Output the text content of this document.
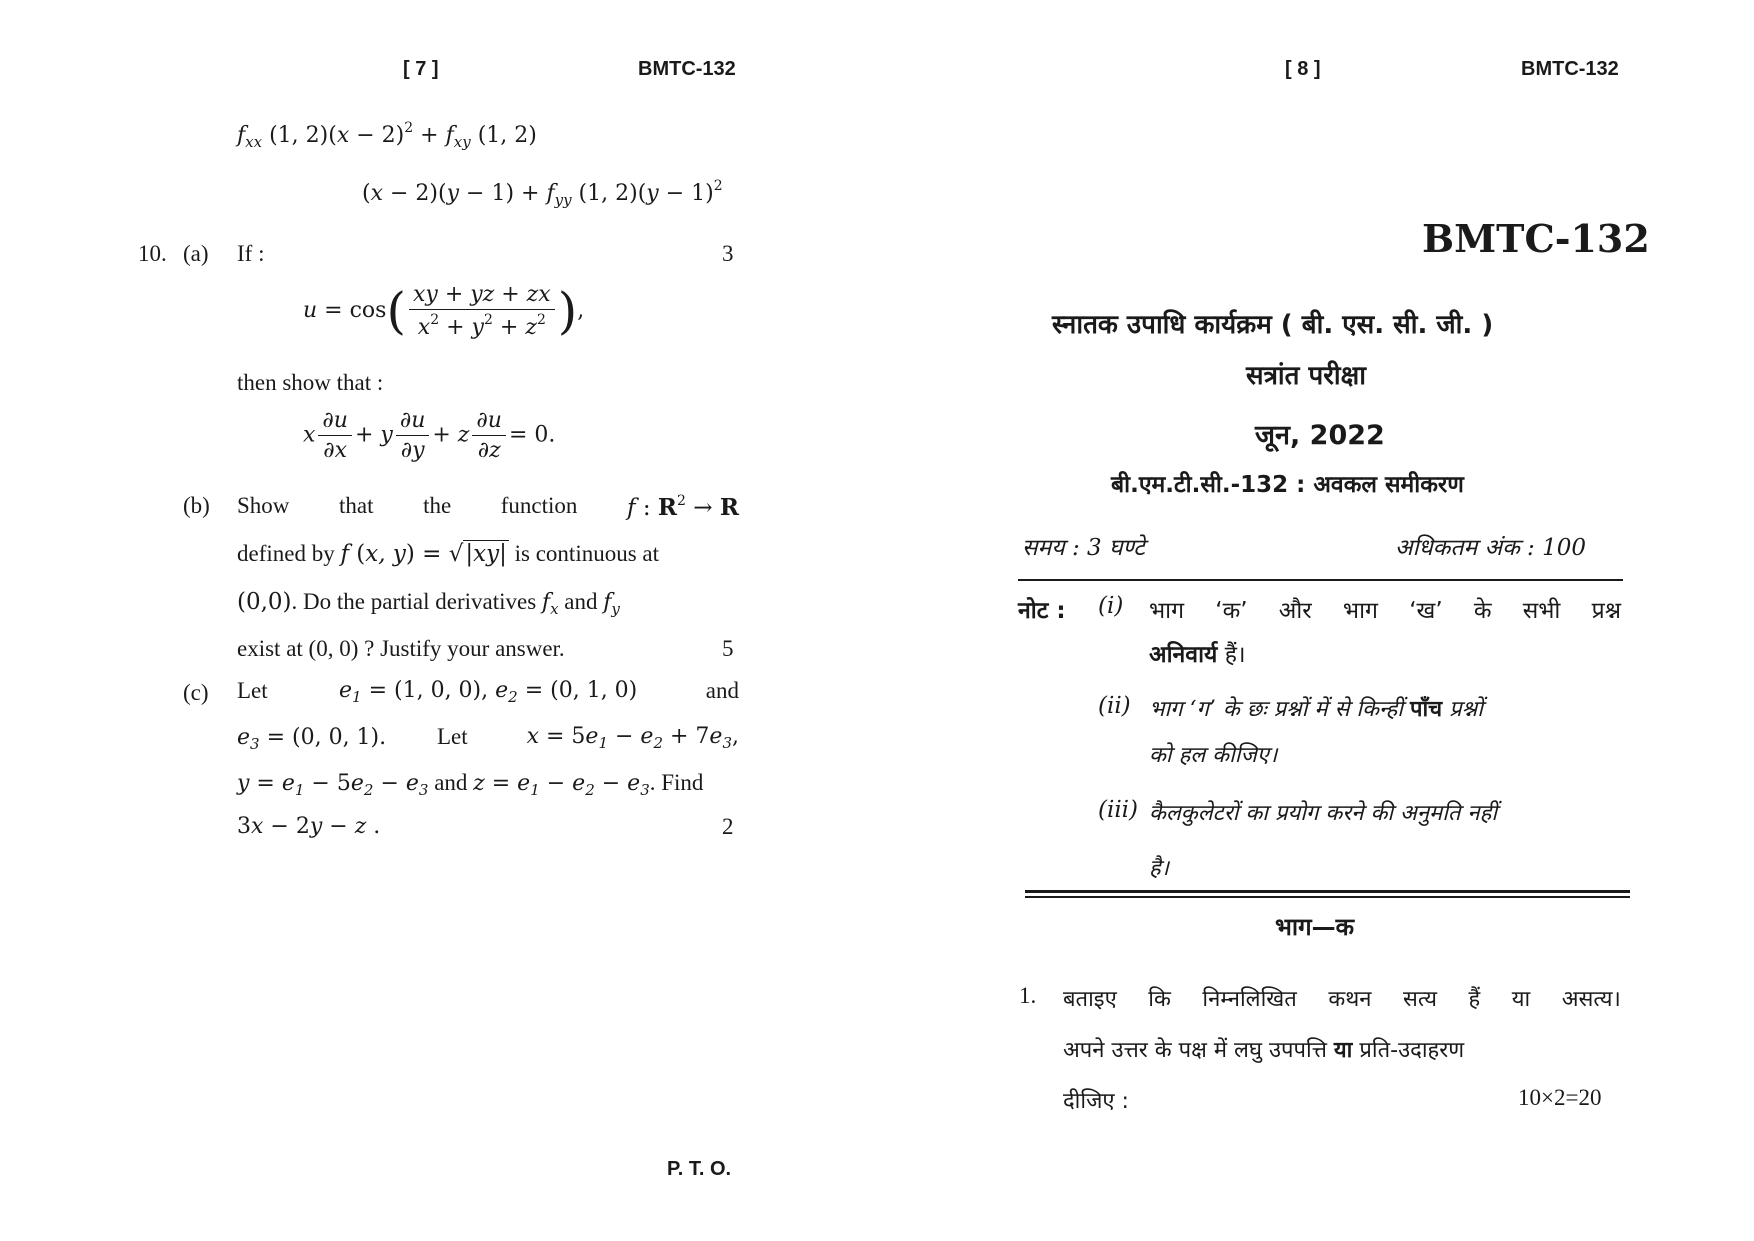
[ 7 ]	BMTC-132
$f_{xx}$ (1, $2)(x - 2)^2 + f_{xy}$ (1, 2)
$(x - 2)(y - 1) + f_{yy}$ (1, $2)(y - 1)^2$
10. (a) If :	3
$u = \cos( \frac{xy + yz + zx}{x^2 + y^2 + z^2}$ ),
then show that :
x $\frac{\partial u}{\partial x} + y \frac{\partial u}{\partial y} + z \frac{\partial u}{\partial z} = 0$.
(b) Show that the function f : $R^2 \to R$
defined by f (x, y) = √|xy| is continuous at
(0,0). Do the partial derivatives $f_x$ and $f_y$
exist at (0, 0) ? Justify your answer.	5
(c) Let	$e_1 = (1$, 0, 0), $e_2 = (0$, 1, 0)	and
$e_3 = (0$, 0, 1). Let	$x = 5e_1 - e_2 + 7e_3$,
$y = e_1 - 5e_2 - e_3$ and $z = e_1 - e_2 - e_3$. Find
3x − 2y − z .	2
P. T. O.
[ 8 ]	BMTC-132
BMTC-132
स्नातक उपाधि कार्यक्रम ( बी. एस. सी. जी. )
सत्रांत परीक्षा
जून, 2022
बी.एम.टी.सी.-132 : अवकल समीकरण
समय : 3 घण्टे	अधिकतम अंक : 100
नोट : (i) भाग ‘क’ और भाग ‘ख’ के सभी प्रश्न
अनिवार्य हैं।
(ii) भाग ‘ग’ के छः प्रश्नों में से किन्हीं पाँच प्रश्नों
को हल कीजिए।
(iii) कैलकुलेटरों का प्रयोग करने की अनुमति नहीं
है।
भाग—क
1. बताइए कि निम्नलिखित कथन सत्य हैं या असत्य।
अपने उत्तर के पक्ष में लघु उपपत्ति या प्रति-उदाहरण
दीजिए :	10×2=20
